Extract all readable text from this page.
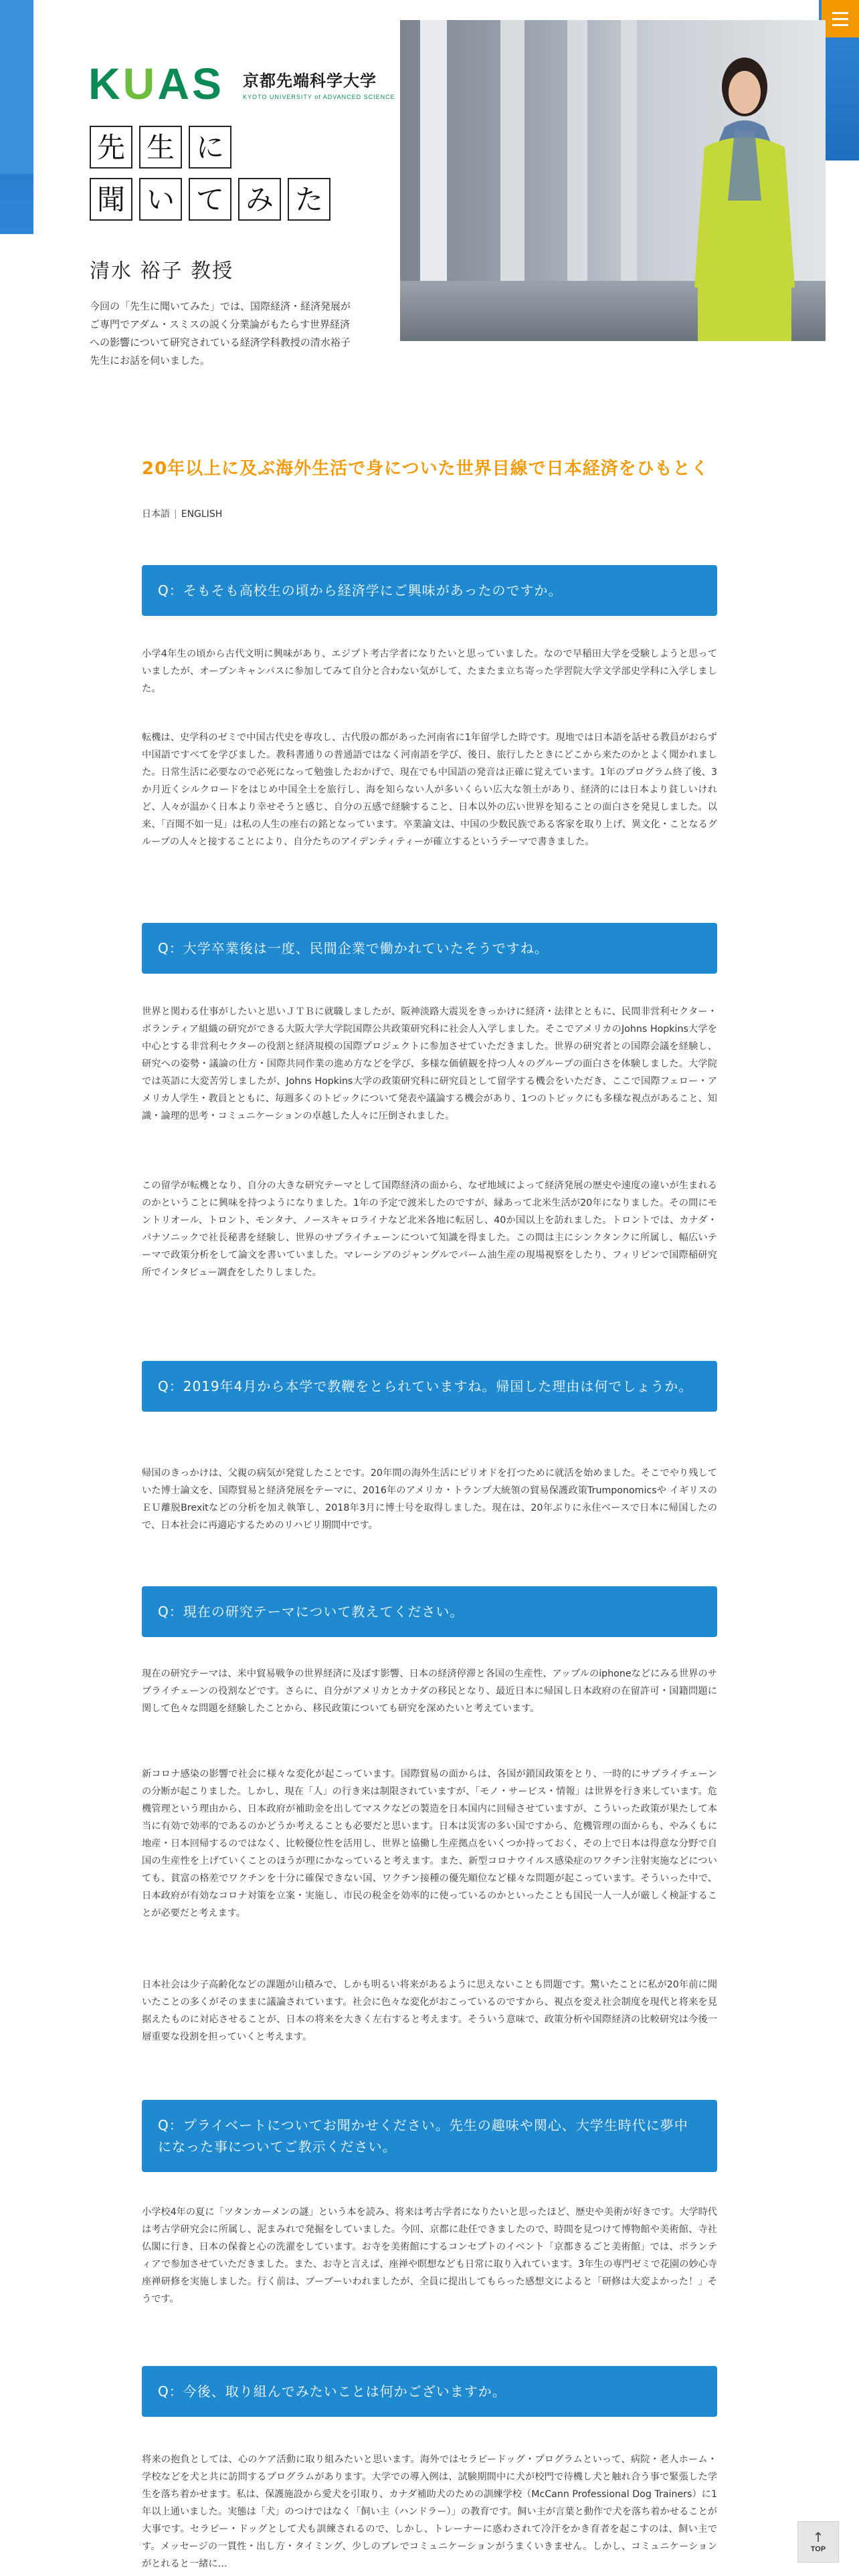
KUAS 京都先端科学大学
KYOTO UNIVERSITY of ADVANCED SCIENCE
先 生 に
聞 い て み た
清水 裕子 教授
今回の「先生に聞いてみた」では、国際経済・経済発展がご専門でアダム・スミスの説く分業論がもたらす世界経済への影響について研究されている経済学科教授の清水裕子先生にお話を伺いました。
20年以上に及ぶ海外生活で身についた世界目線で日本経済をひもとく
日本語 | ENGLISH
Q：そもそも高校生の頃から経済学にご興味があったのですか。
小学4年生の頃から古代文明に興味があり、エジプト考古学者になりたいと思っていました。なので早稲田大学を受験しようと思っていましたが、オープンキャンパスに参加してみて自分と合わない気がして、たまたま立ち寄った学習院大学文学部史学科に入学しました。
転機は、史学科のゼミで中国古代史を専攻し、古代殷の都があった河南省に1年留学した時です。現地では日本語を話せる教員がおらず中国語ですべてを学びました。教科書通りの普通語ではなく河南語を学び、後日、旅行したときにどこから来たのかとよく聞かれました。日常生活に必要なので必死になって勉強したおかげで、現在でも中国語の発音は正確に覚えています。1年のプログラム終了後、3か月近くシルクロードをはじめ中国全土を旅行し、海を知らない人が多いくらい広大な領土があり、経済的には日本より貧しいけれど、人々が温かく日本より幸せそうと感じ、自分の五感で経験すること、日本以外の広い世界を知ることの面白さを発見しました。以来、「百聞不如一見」は私の人生の座右の銘となっています。卒業論文は、中国の少数民族である客家を取り上げ、異文化・ことなるグループの人々と接することにより、自分たちのアイデンティティーが確立するというテーマで書きました。
Q：大学卒業後は一度、民間企業で働かれていたそうですね。
世界と関わる仕事がしたいと思いＪＴＢに就職しましたが、阪神淡路大震災をきっかけに経済・法律とともに、民間非営利セクター・ボランティア組織の研究ができる大阪大学大学院国際公共政策研究科に社会人入学しました。そこでアメリカのJohns Hopkins大学を中心とする非営利セクターの役割と経済規模の国際プロジェクトに参加させていただきました。世界の研究者との国際会議を経験し、研究への姿勢・議論の仕方・国際共同作業の進め方などを学び、多様な価値観を持つ人々のグループの面白さを体験しました。大学院では英語に大変苦労しましたが、Johns Hopkins大学の政策研究科に研究員として留学する機会をいただき、ここで国際フェロー・アメリカ人学生・教員とともに、毎週多くのトピックについて発表や議論する機会があり、1つのトピックにも多様な視点があること、知識・論理的思考・コミュニケーションの卓越した人々に圧倒されました。
この留学が転機となり、自分の大きな研究テーマとして国際経済の面から、なぜ地域によって経済発展の歴史や速度の違いが生まれるのかということに興味を持つようになりました。1年の予定で渡米したのですが、縁あって北米生活が20年になりました。その間にモントリオール、トロント、モンタナ、ノースキャロライナなど北米各地に転居し、40か国以上を訪れました。トロントでは、カナダ・パナソニックで社長秘書を経験し、世界のサプライチェーンについて知識を得ました。この間は主にシンクタンクに所属し、幅広いテーマで政策分析をして論文を書いていました。マレーシアのジャングルでパーム油生産の現場視察をしたり、フィリピンで国際稲研究所でインタビュー調査をしたりしました。
Q：2019年4月から本学で教鞭をとられていますね。帰国した理由は何でしょうか。
帰国のきっかけは、父親の病気が発覚したことです。20年間の海外生活にピリオドを打つために就活を始めました。そこでやり残していた博士論文を、国際貿易と経済発展をテーマに、2016年のアメリカ・トランプ大統領の貿易保護政策Trumponomicsや イギリスのＥＵ離脱Brexitなどの分析を加え執筆し、2018年3月に博士号を取得しました。現在は、20年ぶりに永住ベースで日本に帰国したので、日本社会に再適応するためのリハビリ期間中です。
Q：現在の研究テーマについて教えてください。
現在の研究テーマは、米中貿易戦争の世界経済に及ぼす影響、日本の経済停滞と各国の生産性、アップルのiphoneなどにみる世界のサプライチェーンの役割などです。さらに、自分がアメリカとカナダの移民となり、最近日本に帰国し日本政府の在留許可・国籍問題に関して色々な問題を経験したことから、移民政策についても研究を深めたいと考えています。
新コロナ感染の影響で社会に様々な変化が起こっています。国際貿易の面からは、各国が鎖国政策をとり、一時的にサプライチェーンの分断が起こりました。しかし、現在「人」の行き来は制限されていますが、「モノ・サービス・情報」は世界を行き来しています。危機管理という理由から、日本政府が補助金を出してマスクなどの製造を日本国内に回帰させていますが、こういった政策が果たして本当に有効で効率的であるのかどうか考えることも必要だと思います。日本は災害の多い国ですから、危機管理の面からも、やみくもに地産・日本回帰するのではなく、比較優位性を活用し、世界と協働し生産拠点をいくつか持っておく、その上で日本は得意な分野で自国の生産性を上げていくことのほうが理にかなっていると考えます。また、新型コロナウイルス感染症のワクチン注射実施などについても、貧富の格差でワクチンを十分に確保できない国、ワクチン接種の優先順位など様々な問題が起こっています。そういった中で、日本政府が有効なコロナ対策を立案・実施し、市民の税金を効率的に使っているのかといったことも国民一人一人が厳しく検証することが必要だと考えます。
日本社会は少子高齢化などの課題が山積みで、しかも明るい将来があるように思えないことも問題です。驚いたことに私が20年前に聞いたことの多くがそのままに議論されています。社会に色々な変化がおこっているのですから、視点を変え社会制度を現代と将来を見据えたものに対応させることが、日本の将来を大きく左右すると考えます。そういう意味で、政策分析や国際経済の比較研究は今後一層重要な役割を担っていくと考えます。
Q：プライベートについてお聞かせください。先生の趣味や関心、大学生時代に夢中になった事についてご教示ください。
小学校4年の夏に「ツタンカーメンの謎」という本を読み、将来は考古学者になりたいと思ったほど、歴史や美術が好きです。大学時代は考古学研究会に所属し、泥まみれで発掘をしていました。今回、京都に赴任できましたので、時間を見つけて博物館や美術館、寺社仏閣に行き、日本の保養と心の洗濯をしています。お寺を美術館にするコンセプトのイベント「京都きるごと美術館」では、ボランティアで参加させていただきました。また、お寺と言えば、座禅や瞑想なども日常に取り入れています。3年生の専門ゼミで花園の妙心寺座禅研修を実施しました。行く前は、ブーブーいわれましたが、全員に提出してもらった感想文によると「研修は大変よかった！」そうです。
Q：今後、取り組んでみたいことは何かございますか。
将来の抱負としては、心のケア活動に取り組みたいと思います。海外ではセラピードッグ・プログラムといって、病院・老人ホーム・学校などを犬と共に訪問するプログラムがあります。大学での導入例は、試験期間中に犬が校門で待機し犬と触れ合う事で緊張した学生を落ち着かせます。私は、保護施設から愛犬を引取り、カナダ補助犬のための訓練学校（McCann Professional Dog Trainers）に1年以上通いました。実態は「犬」のつけではなく「飼い主（ハンドラー）」の教育です。飼い主が言葉と動作で犬を落ち着かせることが大事です。セラピー・ドッグとして犬も訓練されるので、しかし、トレーナーに惑わされて冷汗をかき育者を起こすのは、飼い主です。メッセージの一貫性・出し方・タイミング、少しのブレでコミュニケーションがうまくいきません。しかし、コミュニケーションがとれると一緒に…
↑
TOP
